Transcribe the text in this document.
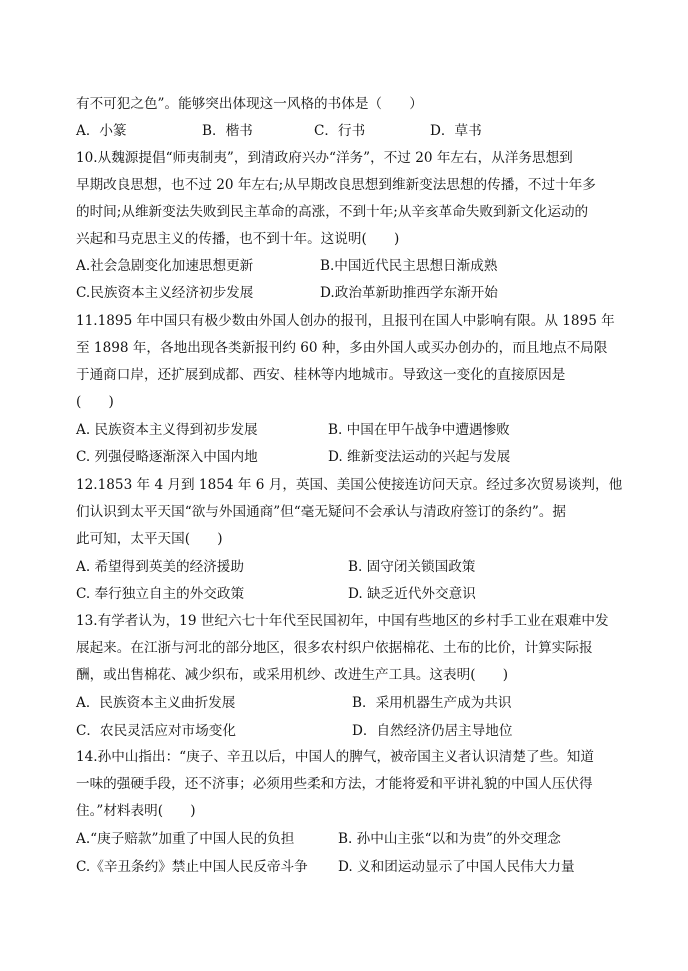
有不可犯之色”。能够突出体现这一风格的书体是（　　）
A．小篆	B．楷书	C．行书	D．草书
10.从魏源提倡“师夷制夷”，到清政府兴办“洋务”，不过 20 年左右，从洋务思想到
早期改良思想，也不过 20 年左右;从早期改良思想到维新变法思想的传播，不过十年多
的时间;从维新变法失败到民主革命的高涨，不到十年;从辛亥革命失败到新文化运动的
兴起和马克思主义的传播，也不到十年。这说明(　　)
A.社会急剧变化加速思想更新	B.中国近代民主思想日渐成熟
C.民族资本主义经济初步发展	D.政治革新助推西学东渐开始
11.1895 年中国只有极少数由外国人创办的报刊，且报刊在国人中影响有限。从 1895 年
至 1898 年，各地出现各类新报刊约 60 种，多由外国人或买办创办的，而且地点不局限
于通商口岸，还扩展到成都、西安、桂林等内地城市。导致这一变化的直接原因是
(　　)
A. 民族资本主义得到初步发展	B. 中国在甲午战争中遭遇惨败
C. 列强侵略逐渐深入中国内地	D. 维新变法运动的兴起与发展
12.1853 年 4 月到 1854 年 6 月，英国、美国公使接连访问天京。经过多次贸易谈判，他
们认识到太平天国“欲与外国通商”但“毫无疑问不会承认与清政府签订的条约”。据
此可知，太平天国(　　)
A. 希望得到英美的经济援助	B. 固守闭关锁国政策
C. 奉行独立自主的外交政策	D. 缺乏近代外交意识
13.有学者认为，19 世纪六七十年代至民国初年，中国有些地区的乡村手工业在艰难中发
展起来。在江浙与河北的部分地区，很多农村织户依据棉花、土布的比价，计算实际报
酬，或出售棉花、减少织布，或采用机纱、改进生产工具。这表明(　　)
A．民族资本主义曲折发展	B．采用机器生产成为共识
C．农民灵活应对市场变化	D．自然经济仍居主导地位
14.孙中山指出：“庚子、辛丑以后，中国人的脾气，被帝国主义者认识清楚了些。知道
一味的强硬手段，还不济事；必须用些柔和方法，才能将爱和平讲礼貌的中国人压伏得
住。”材料表明(　　)
A.“庚子赔款”加重了中国人民的负担	B. 孙中山主张“以和为贵”的外交理念
C.《辛丑条约》禁止中国人民反帝斗争 D. 义和团运动显示了中国人民伟大力量
